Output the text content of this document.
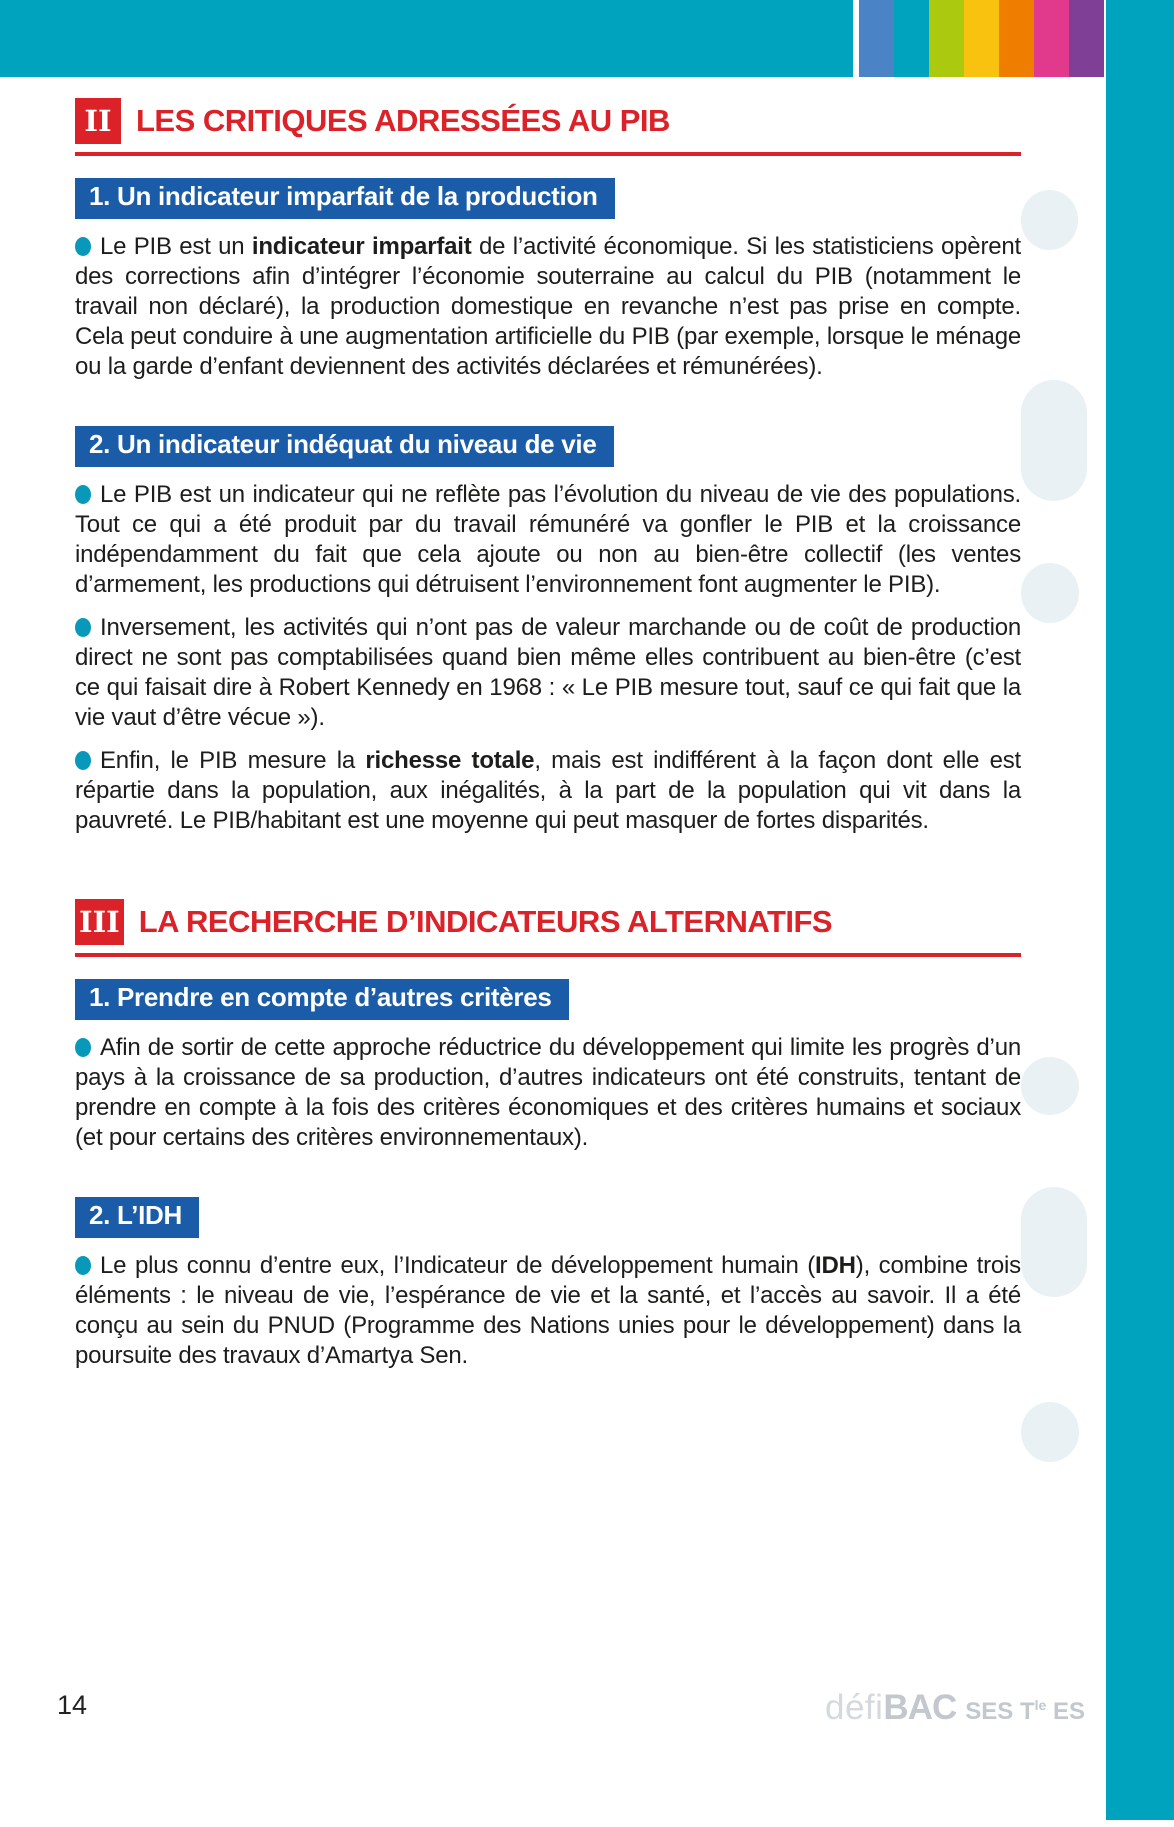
II LES CRITIQUES ADRESSÉES AU PIB
1. Un indicateur imparfait de la production

Le PIB est un indicateur imparfait de l’activité économique. Si les statisticiens opèrent des corrections afin d’intégrer l’économie souterraine au calcul du PIB (notamment le travail non déclaré), la production domestique en revanche n’est pas prise en compte. Cela peut conduire à une augmentation artificielle du PIB (par exemple, lorsque le ménage ou la garde d’enfant deviennent des activités déclarées et rémunérées).

2. Un indicateur indéquat du niveau de vie

Le PIB est un indicateur qui ne reflète pas l’évolution du niveau de vie des populations. Tout ce qui a été produit par du travail rémunéré va gonfler le PIB et la croissance indépendamment du fait que cela ajoute ou non au bien-être collectif (les ventes d’armement, les productions qui détruisent l’environnement font augmenter le PIB).

Inversement, les activités qui n’ont pas de valeur marchande ou de coût de production direct ne sont pas comptabilisées quand bien même elles contribuent au bien-être (c’est ce qui faisait dire à Robert Kennedy en 1968 : « Le PIB mesure tout, sauf ce qui fait que la vie vaut d’être vécue »).

Enfin, le PIB mesure la richesse totale, mais est indifférent à la façon dont elle est répartie dans la population, aux inégalités, à la part de la population qui vit dans la pauvreté. Le PIB/habitant est une moyenne qui peut masquer de fortes disparités.

III LA RECHERCHE D’INDICATEURS ALTERNATIFS
1. Prendre en compte d’autres critères

Afin de sortir de cette approche réductrice du développement qui limite les progrès d’un pays à la croissance de sa production, d’autres indicateurs ont été construits, tentant de prendre en compte à la fois des critères économiques et des critères humains et sociaux (et pour certains des critères environnementaux).

2. L’IDH

Le plus connu d’entre eux, l’Indicateur de développement humain (IDH), combine trois éléments : le niveau de vie, l’espérance de vie et la santé, et l’accès au savoir. Il a été conçu au sein du PNUD (Programme des Nations unies pour le développement) dans la poursuite des travaux d’Amartya Sen.

14	défiBAC SES $T^{le}$ ES
